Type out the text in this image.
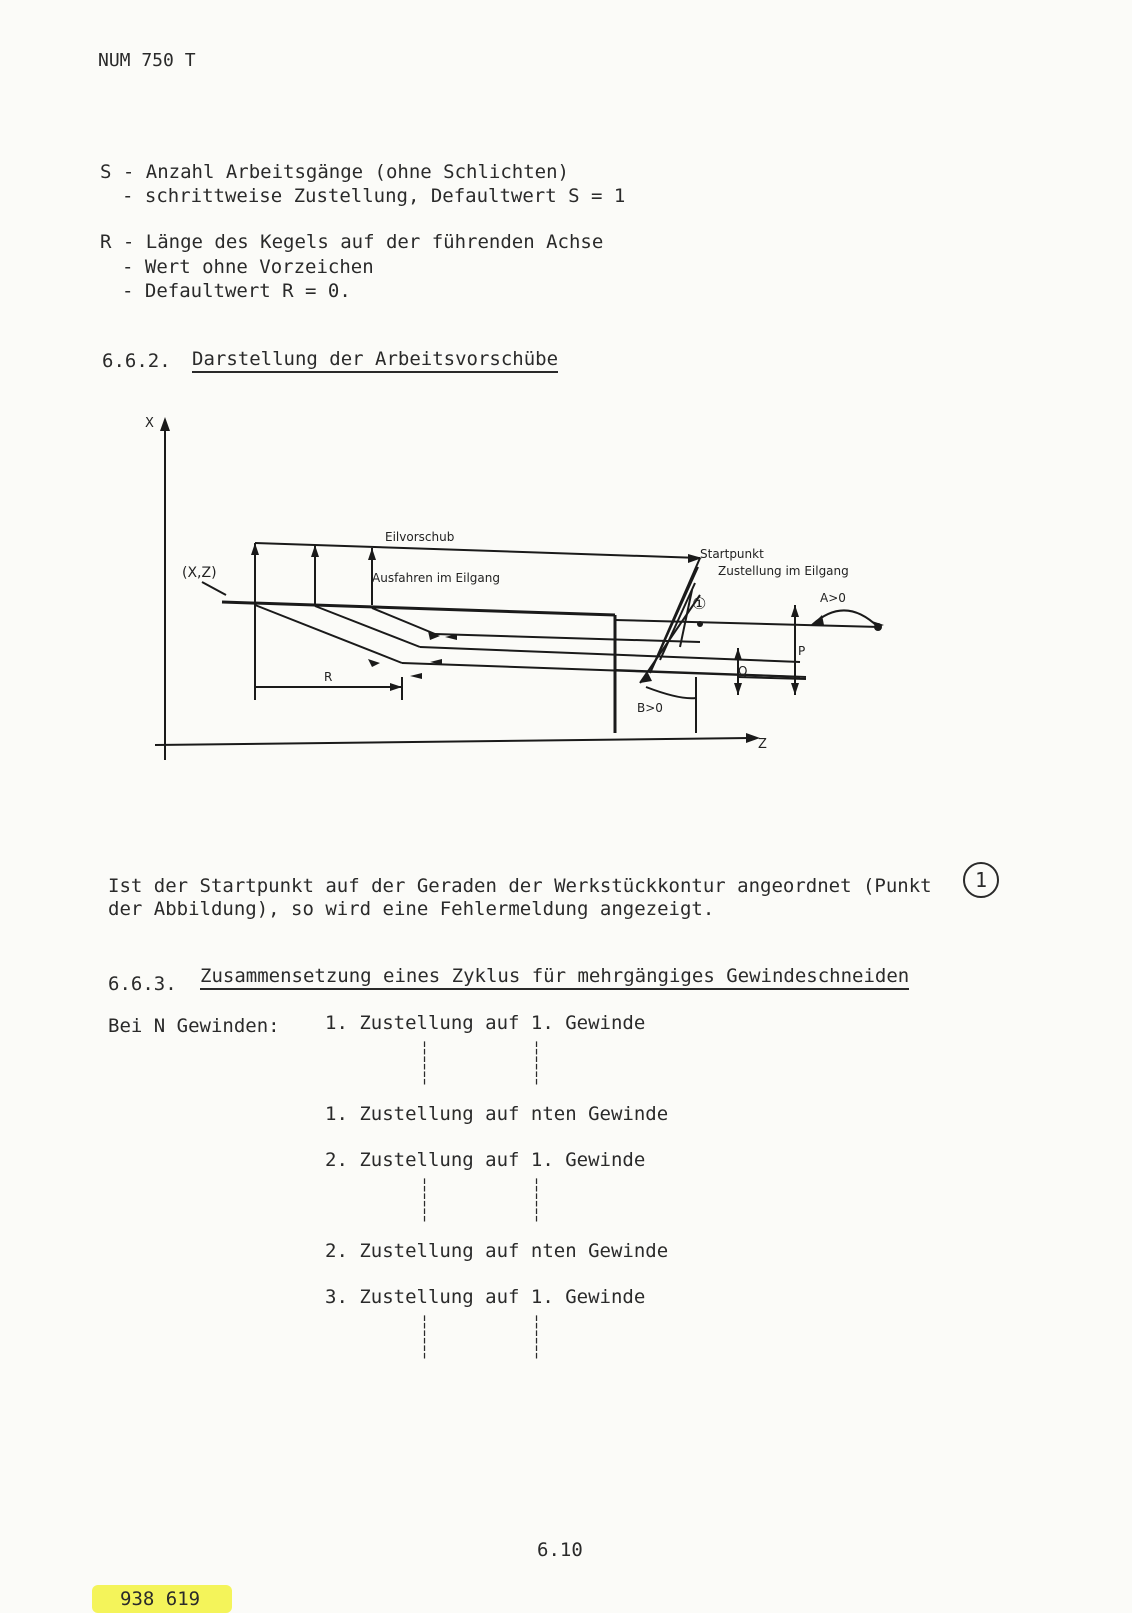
NUM 750 T
S - Anzahl Arbeitsgänge (ohne Schlichten)
- schrittweise Zustellung, Defaultwert S = 1
R - Länge des Kegels auf der führenden Achse
- Wert ohne Vorzeichen
- Defaultwert R = 0.
6.6.2. Darstellung der Arbeitsvorschübe
X
Z
(X,Z)
Eilvorschub
Ausfahren im Eilgang
Startpunkt
Zustellung im Eilgang
①	A>0
B>0
P
Q
R
Ist der Startpunkt auf der Geraden der Werkstückkontur angeordnet (Punkt	1
der Abbildung), so wird eine Fehlermeldung angezeigt.
6.6.3. Zusammensetzung eines Zyklus für mehrgängiges Gewindeschneiden
Bei N Gewinden: 1. Zustellung auf 1. Gewinde
¦
¦
¦
¦
¦
¦
1. Zustellung auf nten Gewinde
2. Zustellung auf 1. Gewinde
¦
¦
¦
¦
¦
¦
2. Zustellung auf nten Gewinde
3. Zustellung auf 1. Gewinde
¦
¦
¦
¦
¦
¦
6.10
938 619
